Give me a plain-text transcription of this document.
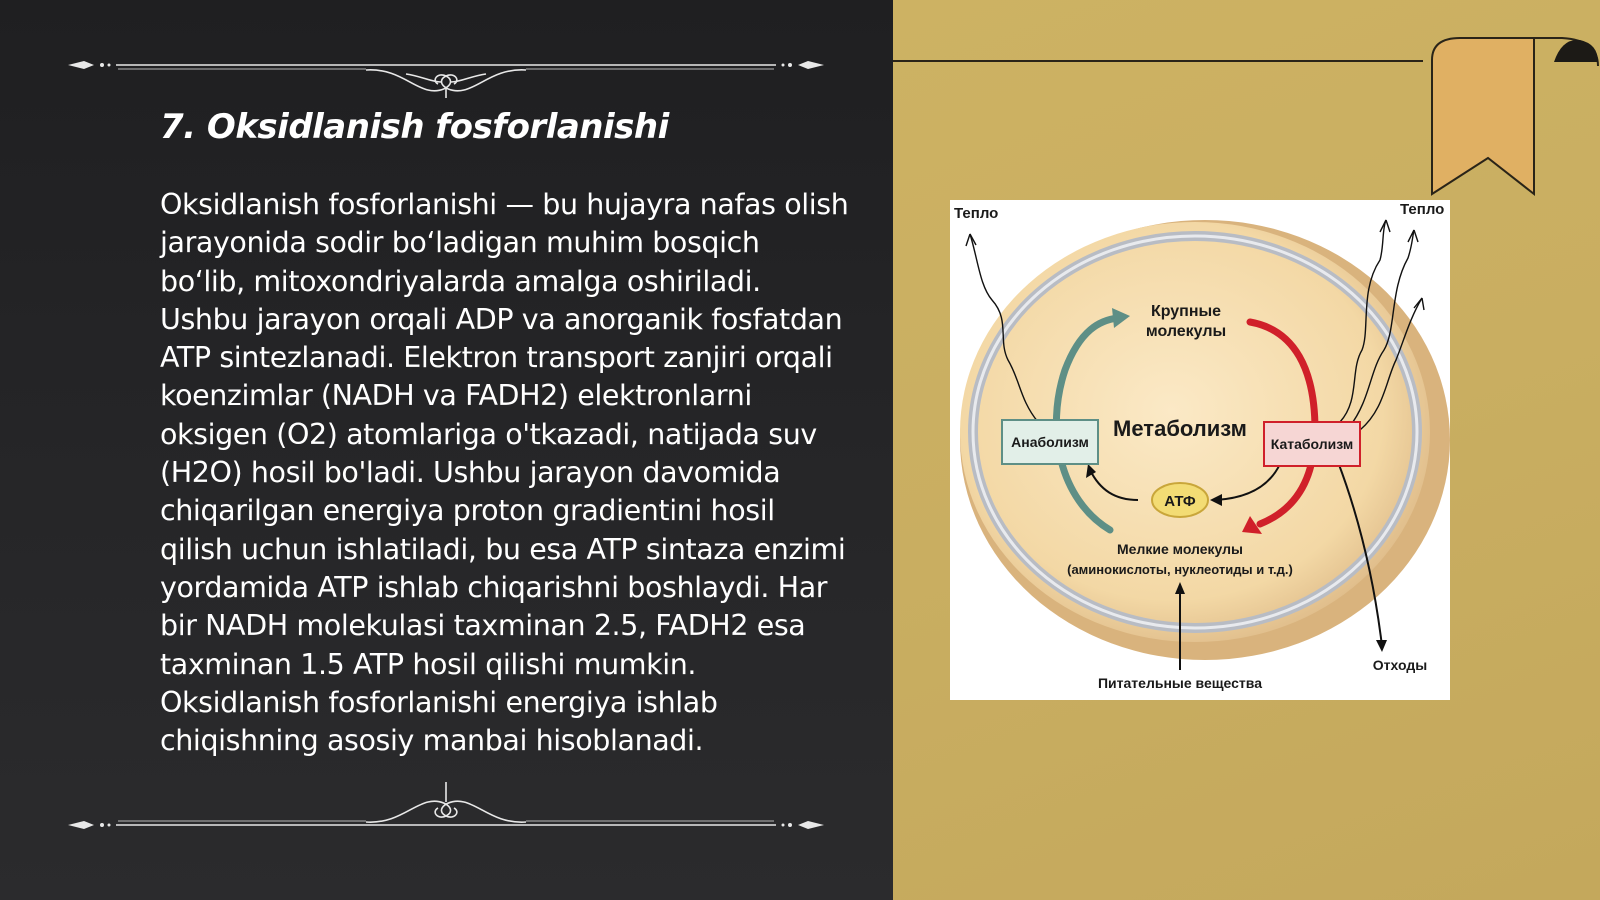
7. Oksidlanish fosforlanishi

Oksidlanish fosforlanishi — bu hujayra nafas olish jarayonida sodir bo‘ladigan muhim bosqich bo‘lib, mitoxondriyalarda amalga oshiriladi. Ushbu jarayon orqali ADP va anorganik fosfatdan ATP sintezlanadi. Elektron transport zanjiri orqali koenzimlar (NADH va FADH2) elektronlarni oksigen (O2) atomlariga o'tkazadi, natijada suv (H2O) hosil bo'ladi. Ushbu jarayon davomida chiqarilgan energiya proton gradientini hosil qilish uchun ishlatiladi, bu esa ATP sintaza enzimi yordamida ATP ishlab chiqarishni boshlaydi. Har bir NADH molekulasi taxminan 2.5, FADH2 esa taxminan 1.5 ATP hosil qilishi mumkin. Oksidlanish fosforlanishi energiya ishlab chiqishning asosiy manbai hisoblanadi.

Тепло	Тепло
Крупные
молекулы
Метаболизм
Анаболизм	Катаболизм
АТФ
Мелкие молекулы
(аминокислоты, нуклеотиды и т.д.)
Питательные вещества
Отходы
